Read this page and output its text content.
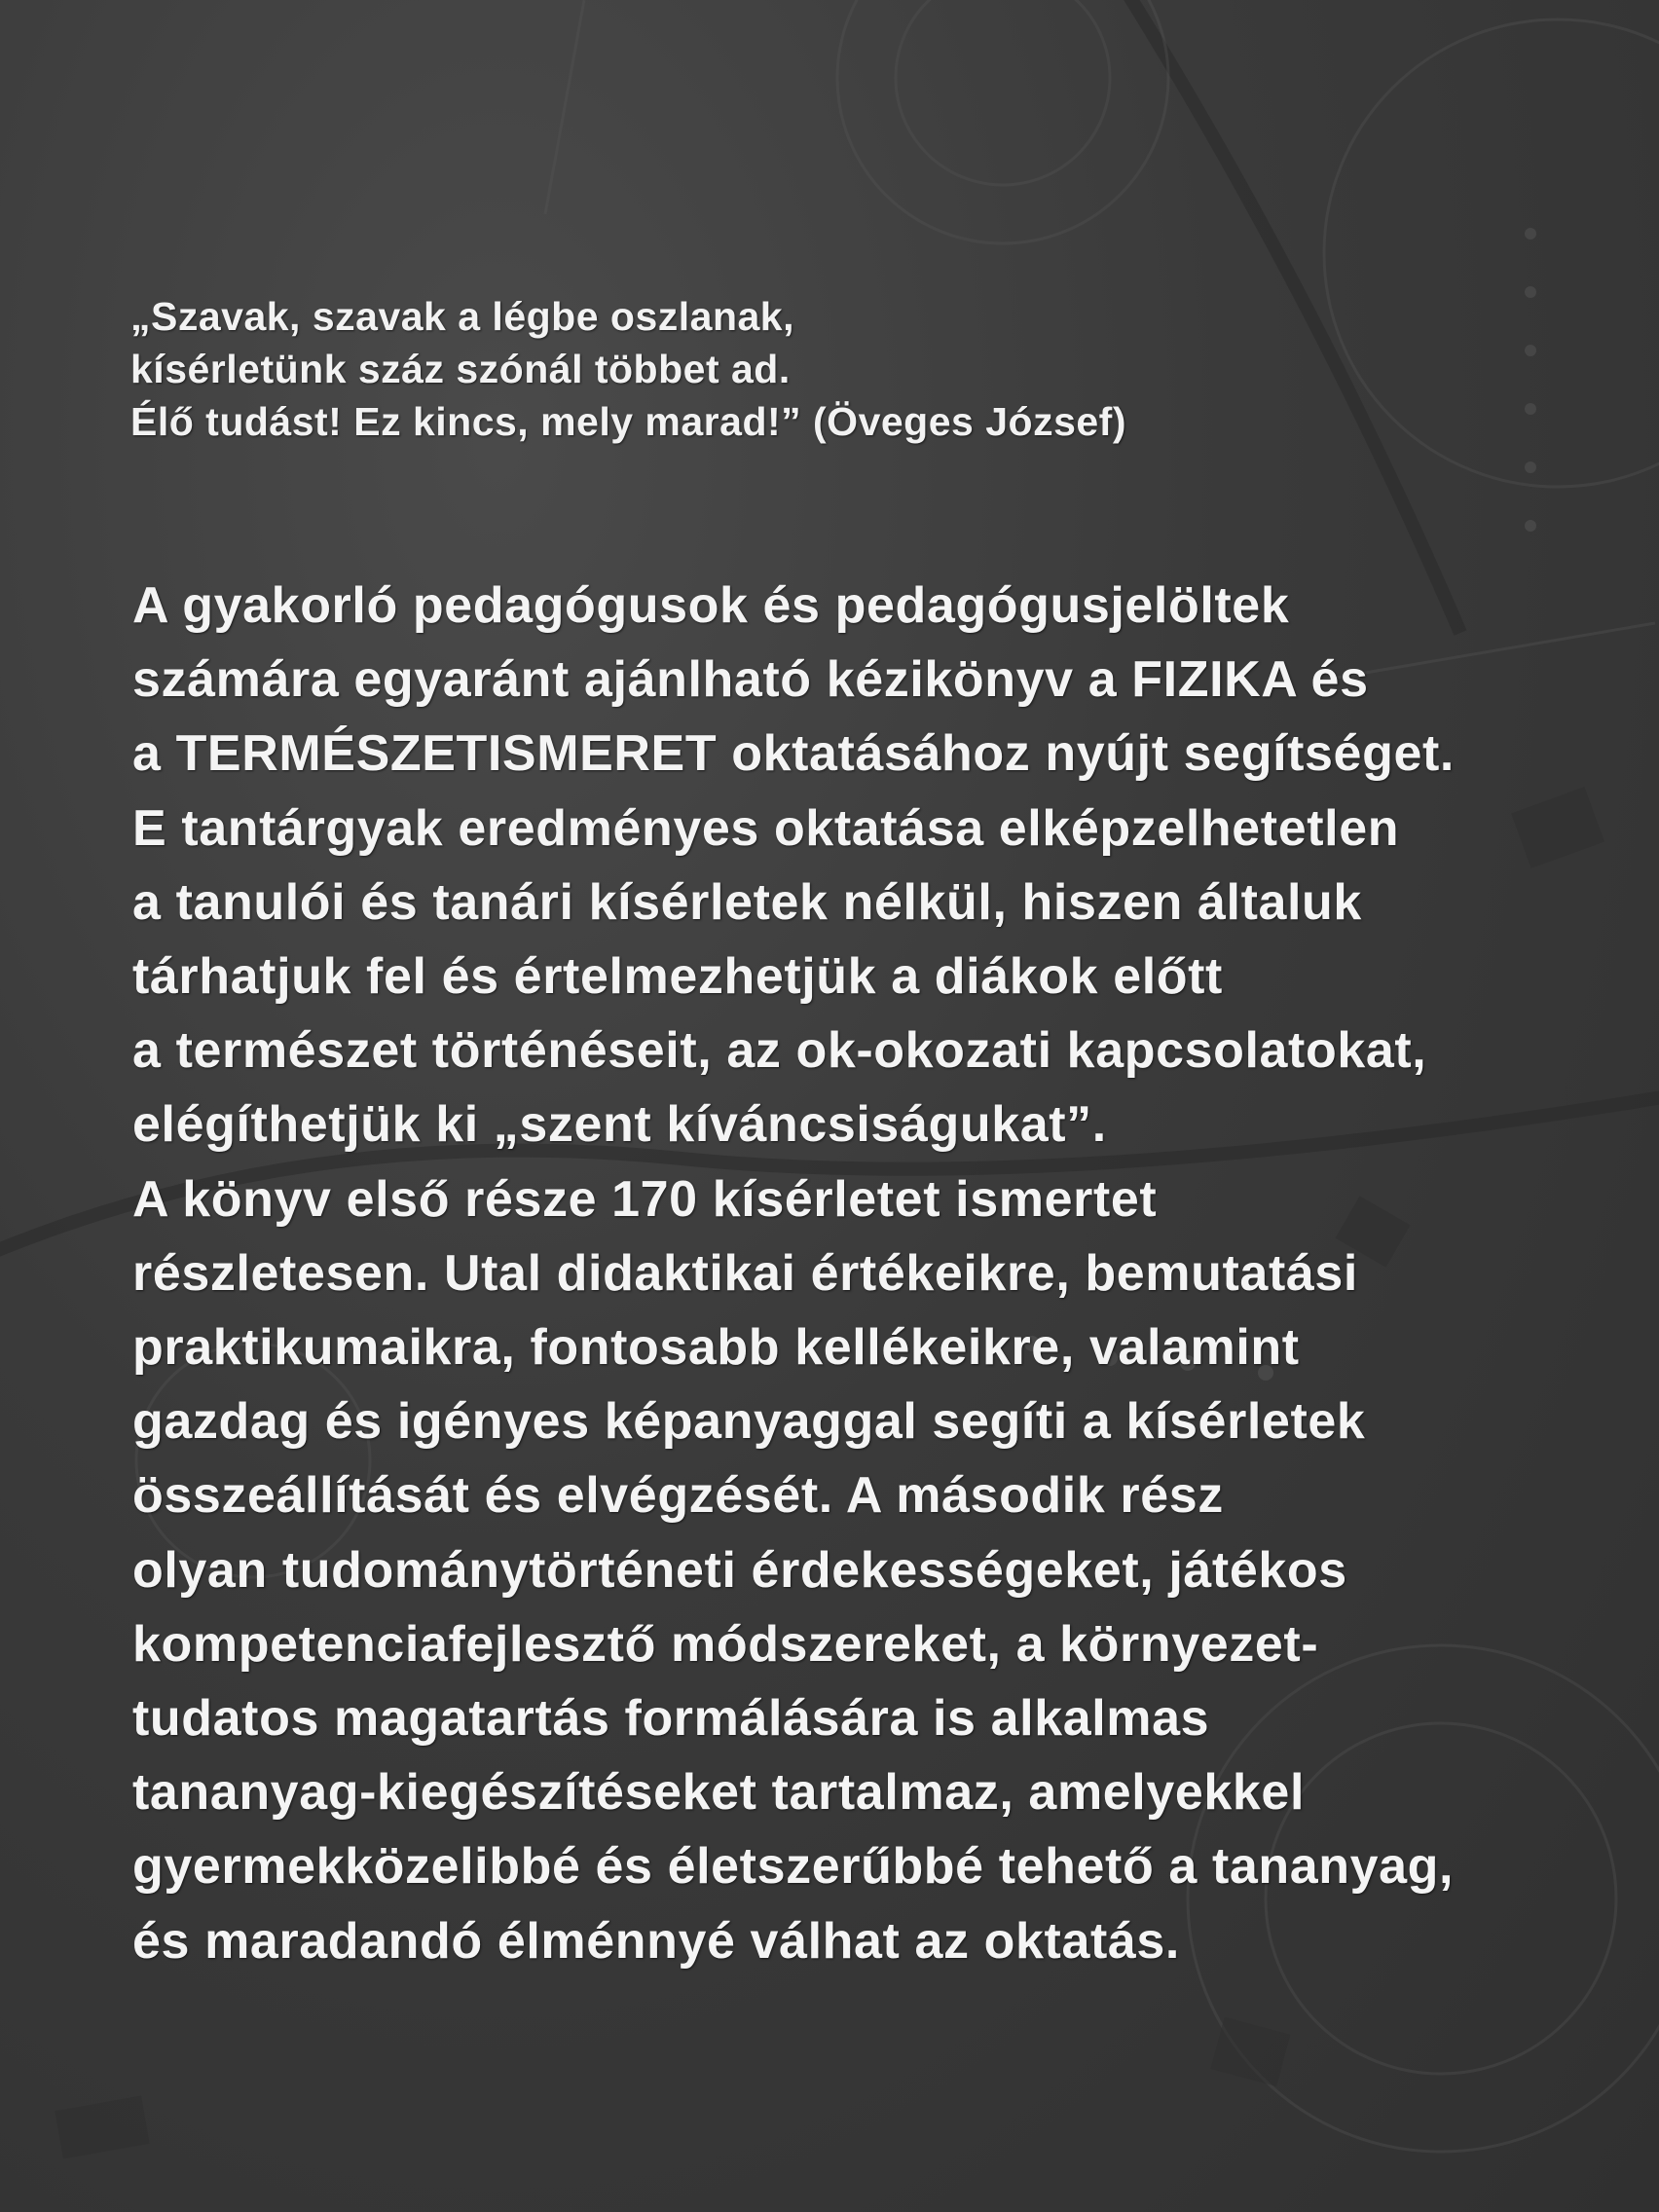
„Szavak, szavak a légbe oszlanak,
kísérletünk száz szónál többet ad.
Élő tudást! Ez kincs, mely marad!” (Öveges József)
A gyakorló pedagógusok és pedagógusjelöltek
számára egyaránt ajánlható kézikönyv a FIZIKA és
a TERMÉSZETISMERET oktatásához nyújt segítséget.
E tantárgyak eredményes oktatása elképzelhetetlen
a tanulói és tanári kísérletek nélkül, hiszen általuk
tárhatjuk fel és értelmezhetjük a diákok előtt
a természet történéseit, az ok-okozati kapcsolatokat,
elégíthetjük ki „szent kíváncsiságukat”.
A könyv első része 170 kísérletet ismertet
részletesen. Utal didaktikai értékeikre, bemutatási
praktikumaikra, fontosabb kellékeikre, valamint
gazdag és igényes képanyaggal segíti a kísérletek
összeállítását és elvégzését. A második rész
olyan tudománytörténeti érdekességeket, játékos
kompetenciafejlesztő módszereket, a környezet-
tudatos magatartás formálására is alkalmas
tananyag-kiegészítéseket tartalmaz, amelyekkel
gyermekközelibbé és életszerűbbé tehető a tananyag,
és maradandó élménnyé válhat az oktatás.
